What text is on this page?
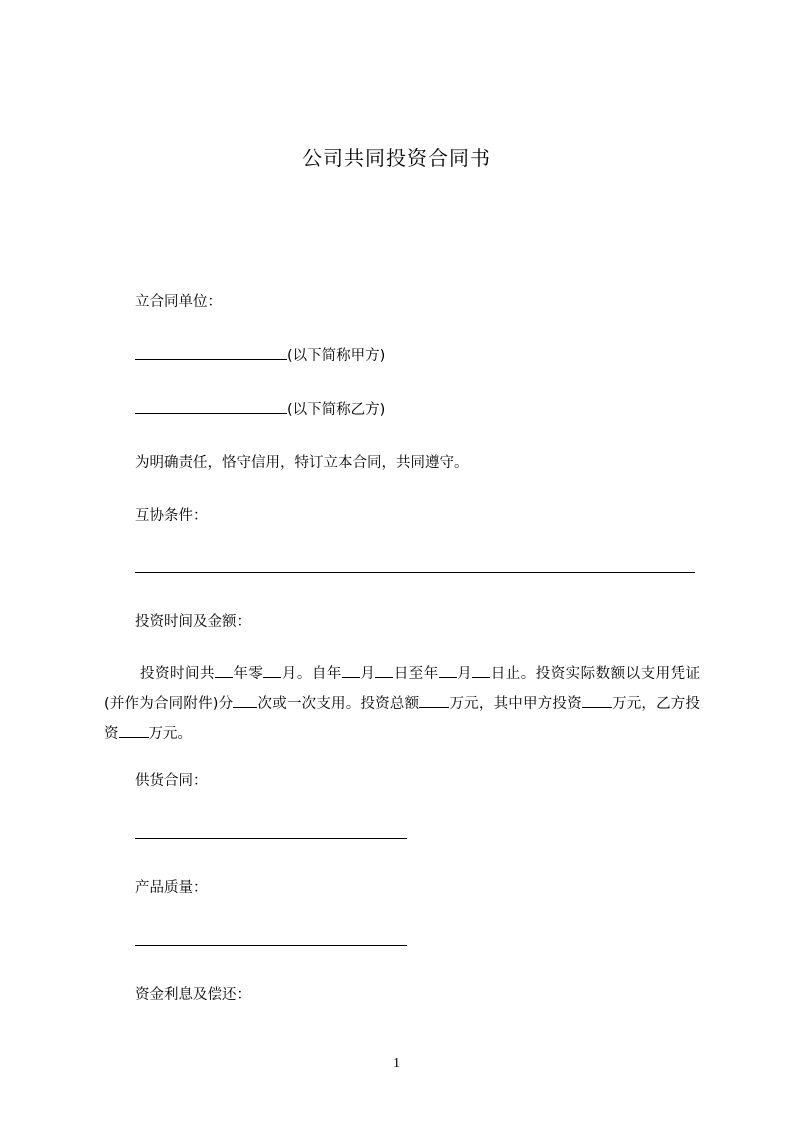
公司共同投资合同书
立合同单位：
(以下简称甲方)
(以下简称乙方)
为明确责任，恪守信用，特订立本合同，共同遵守。
互协条件：
投资时间及金额：
投资时间共 年零 月。自年 月 日至年 月 日止。投资实际数额以支用凭证(并作为合同附件)分 次或一次支用。投资总额 万元，其中甲方投资 万元，乙方投资 万元。
供货合同：
产品质量：
资金利息及偿还：
1
